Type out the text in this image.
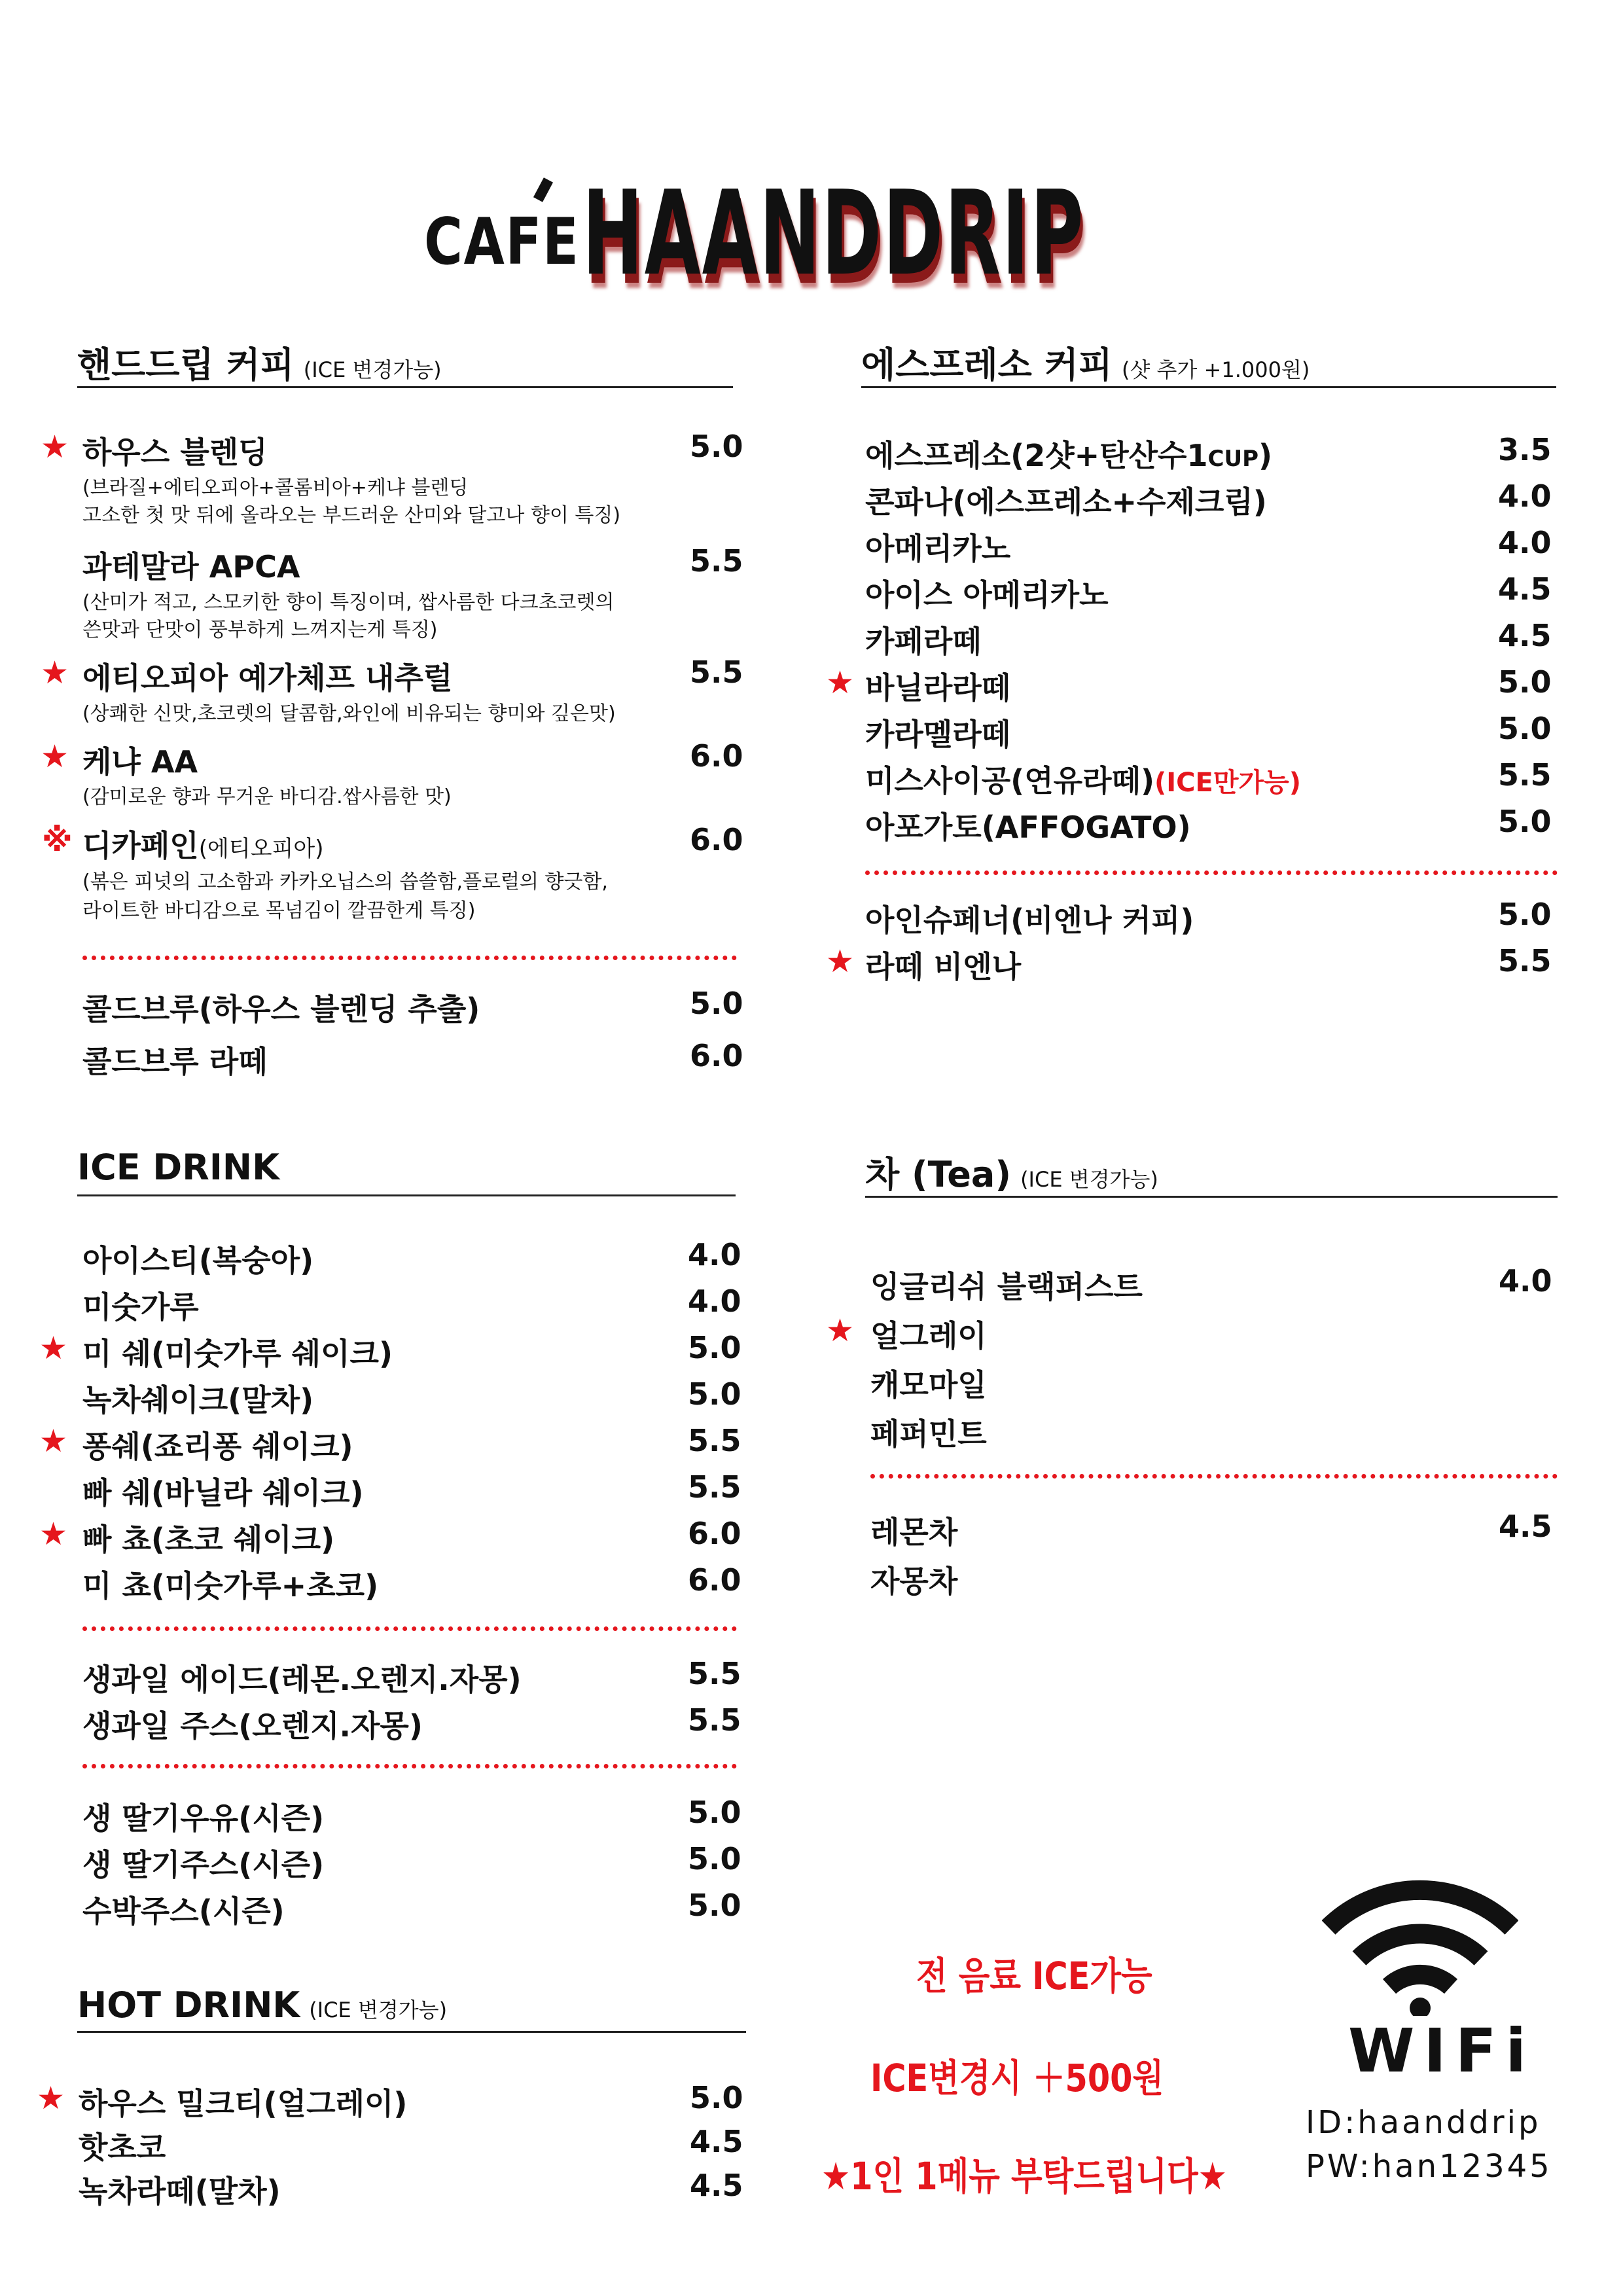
CAFE HAANDDRIP
핸드드립 커피 (ICE 변경가능)
★ 하우스 블렌딩	5.0
(브라질+에티오피아+콜롬비아+케냐 블렌딩
고소한 첫 맛 뒤에 올라오는 부드러운 산미와 달고나 향이 특징)
과테말라 APCA	5.5
(산미가 적고, 스모키한 향이 특징이며, 쌉사름한 다크초코렛의
쓴맛과 단맛이 풍부하게 느껴지는게 특징)
★ 에티오피아 예가체프 내추럴	5.5
(상쾌한 신맛,초코렛의 달콤함,와인에 비유되는 향미와 깊은맛)
★ 케냐 AA	6.0
(감미로운 향과 무거운 바디감.쌉사름한 맛)
※ 디카페인(에티오피아)	6.0
(볶은 피넛의 고소함과 카카오닙스의 씁쓸함,플로럴의 향긋함,
라이트한 바디감으로 목넘김이 깔끔한게 특징)
콜드브루(하우스 블렌딩 추출)	5.0
콜드브루 라떼	6.0
에스프레소 커피 (샷 추가 +1.000원)
에스프레소(2샷+탄산수1CUP)	3.5
콘파나(에스프레소+수제크림)	4.0
아메리카노	4.0
아이스 아메리카노	4.5
카페라떼	4.5
★ 바닐라라떼	5.0
카라멜라떼	5.0
미스사이공(연유라떼)(ICE만가능)	5.5
아포가토(AFFOGATO)	5.0
아인슈페너(비엔나 커피)	5.0
★ 라떼 비엔나	5.5
ICE DRINK
아이스티(복숭아)	4.0
미숫가루	4.0
★ 미 쉐(미숫가루 쉐이크)	5.0
녹차쉐이크(말차)	5.0
★ 퐁쉐(죠리퐁 쉐이크)	5.5
빠 쉐(바닐라 쉐이크)	5.5
★ 빠 쵸(초코 쉐이크)	6.0
미 쵸(미숫가루+초코)	6.0
생과일 에이드(레몬.오렌지.자몽)	5.5
생과일 주스(오렌지.자몽)	5.5
생 딸기우유(시즌)	5.0
생 딸기주스(시즌)	5.0
수박주스(시즌)	5.0
차 (Tea) (ICE 변경가능)
잉글리쉬 블랙퍼스트	4.0
★ 얼그레이
캐모마일
페퍼민트
레몬차	4.5
자몽차
HOT DRINK (ICE 변경가능)
★ 하우스 밀크티(얼그레이)	5.0
핫초코	4.5
녹차라떼(말차)	4.5
전 음료 ICE가능
ICE변경시 ＋500원
★1인 1메뉴 부탁드립니다★
WIFi
ID:haanddrip
PW:han12345
